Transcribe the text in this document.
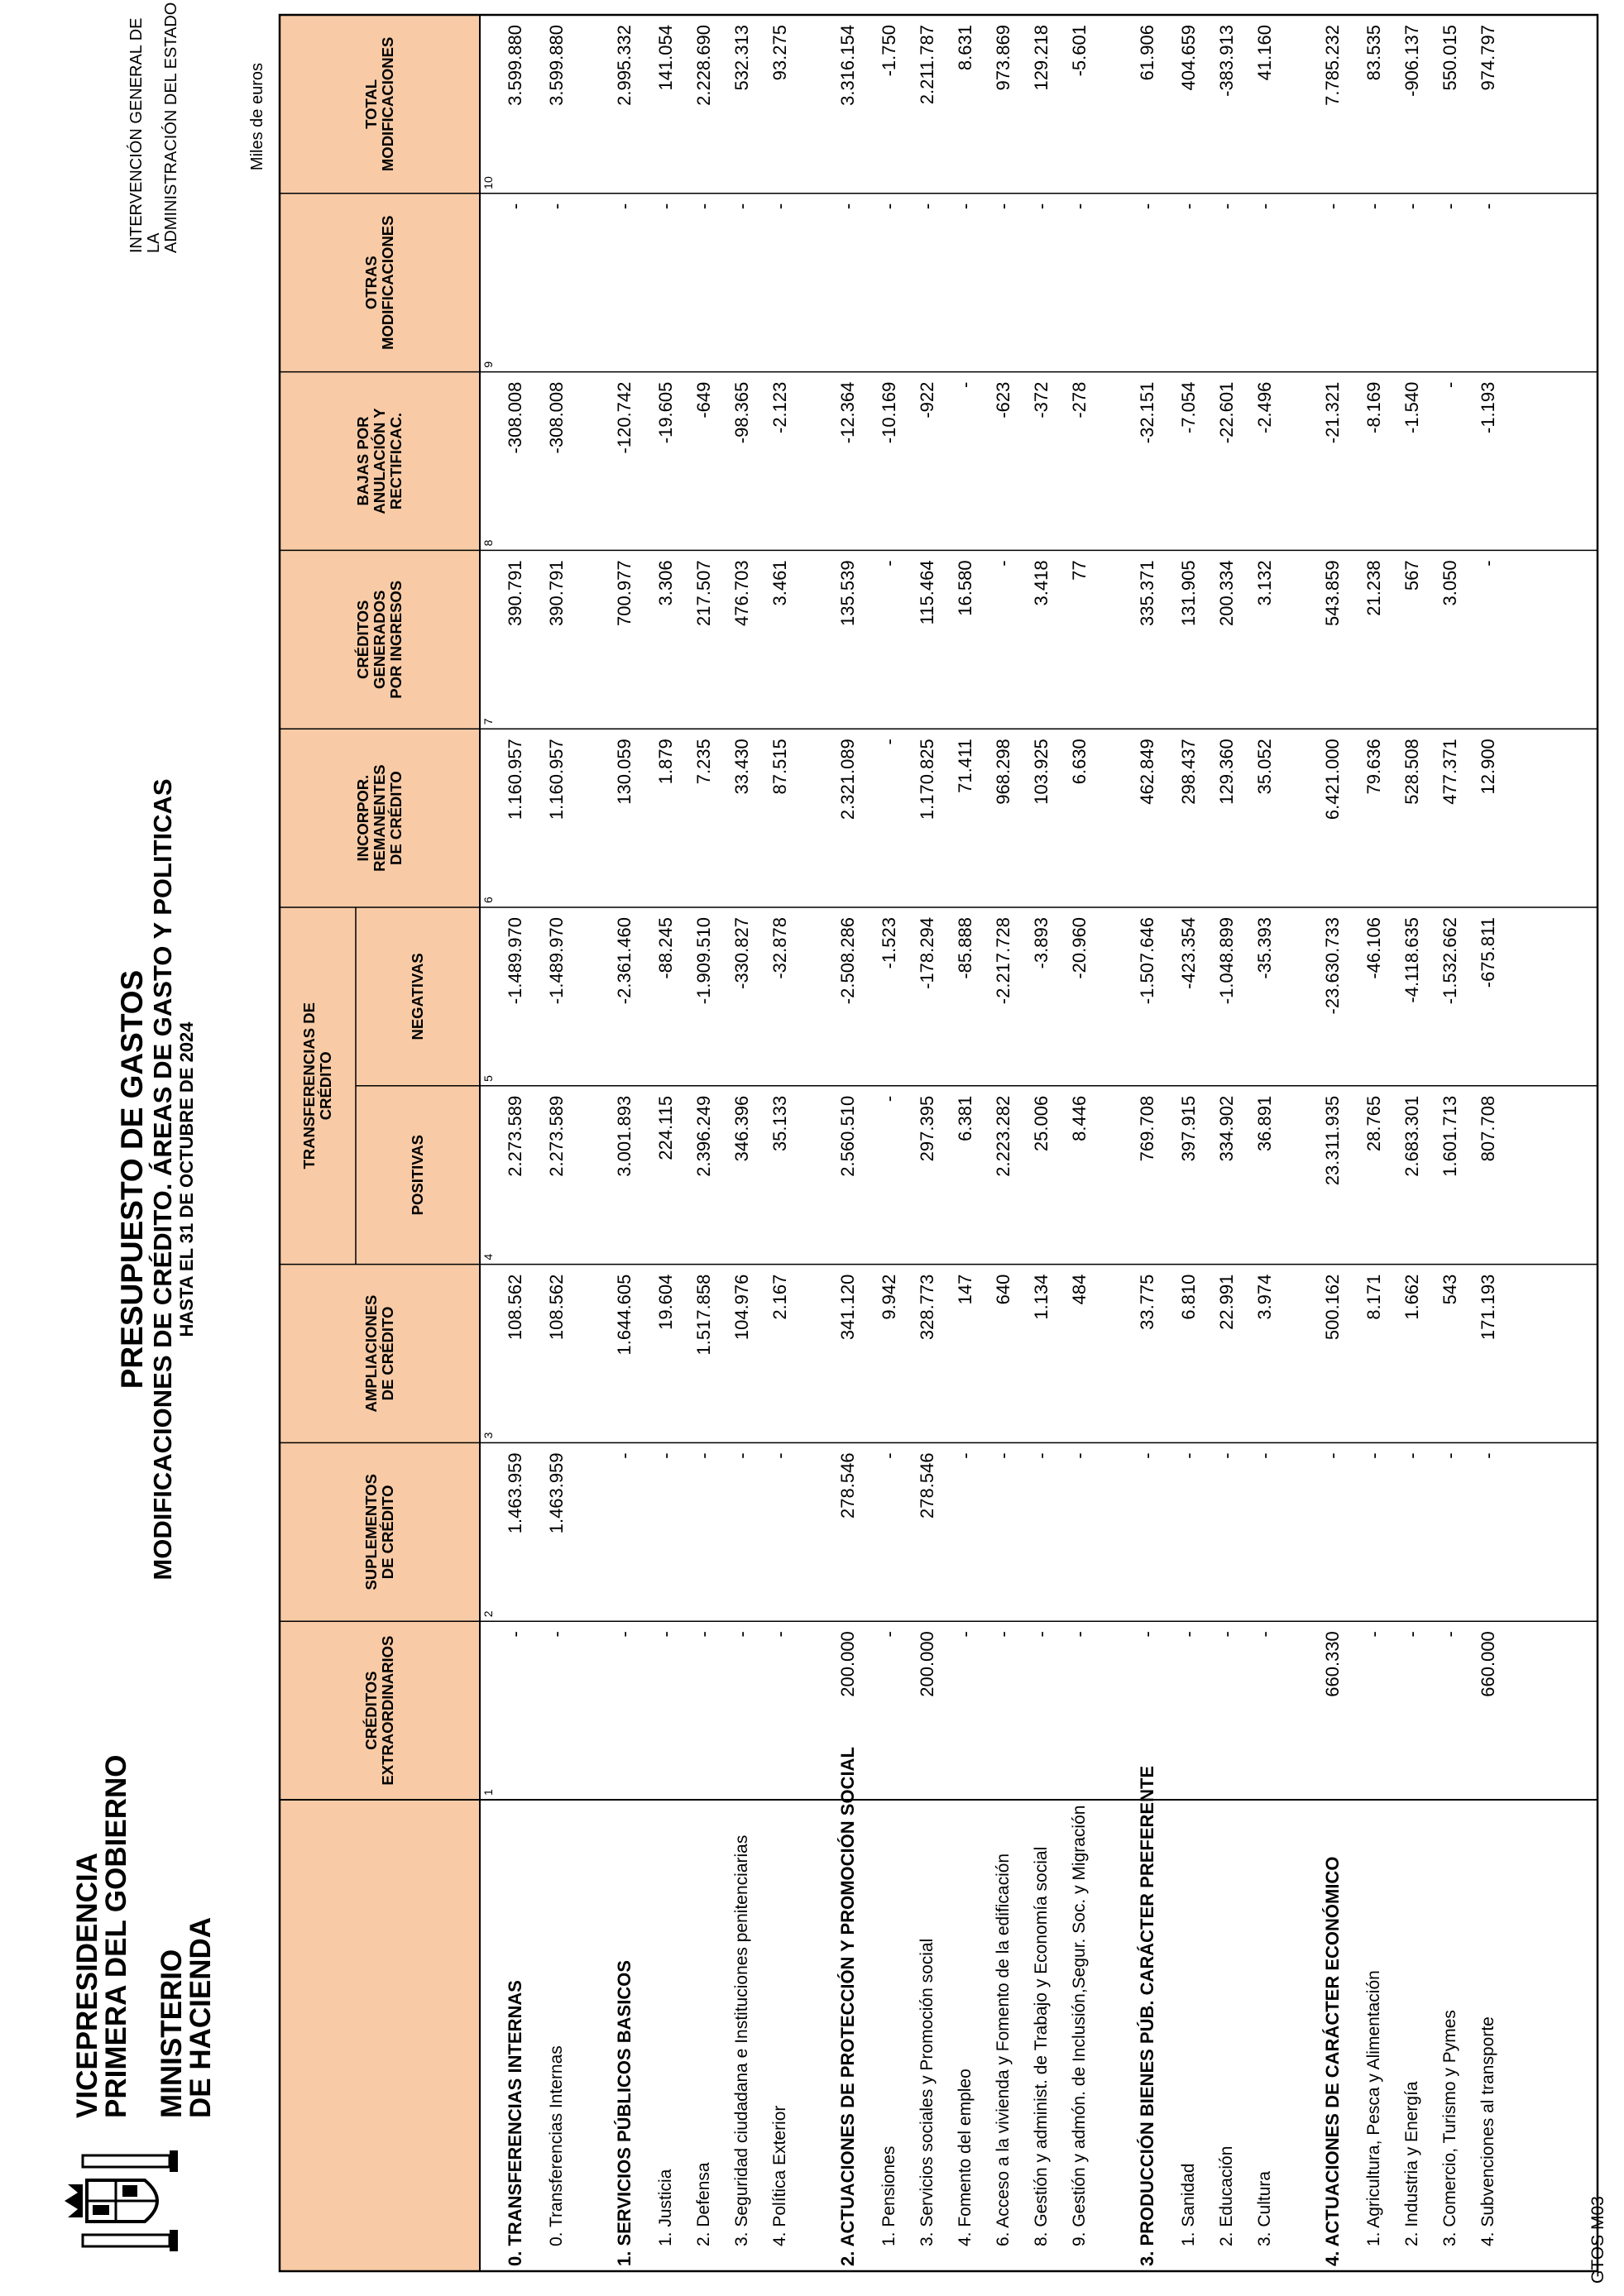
VICEPRESIDENCIA
PRIMERA DEL GOBIERNO MINISTERIO
DE HACIENDA
PRESUPUESTO DE GASTOS MODIFICACIONES DE CRÉDITO. ÁREAS DE GASTO Y POLITICAS HASTA EL 31 DE OCTUBRE DE 2024
INTERVENCIÓN GENERAL DE LA ADMINISTRACIÓN DEL ESTADO	Miles de euros
CRÉDITOS EXTRAORDINARIOS
SUPLEMENTOS DE CRÉDITO
AMPLIACIONES DE CRÉDITO
TRANSFERENCIAS DE CRÉDITO
POSITIVAS
NEGATIVAS
INCORPOR. REMANENTES DE CRÉDITO
CRÉDITOS GENERADOS POR INGRESOS
BAJAS POR ANULACIÓN Y RECTIFICAC.
0. TRANSFERENCIAS INTERNAS
-
1.463.959
108.562
2.273.589
-1.489.970
1.160.957
390.791
-308.008
-
3.599.880
0. Transferencias Internas
-
1.463.959
108.562
2.273.589
-1.489.970
1.160.957
390.791
-308.008
-
3.599.880
1. SERVICIOS PÚBLICOS BASICOS
-
-
1.644.605
3.001.893
-2.361.460
130.059
700.977
-120.742
-
2.995.332
1. Justicia
-
-
19.604
224.115
-88.245
1.879
3.306
-19.605
-
141.054
2. Defensa
-
-
1.517.858
2.396.249
-1.909.510
7.235
217.507
-649
-
2.228.690
3. Seguridad ciudadana e Instituciones penitenciarias
-
-
104.976
346.396
-330.827
33.430
476.703
-98.365
-
532.313
4. Política Exterior
-
-
2.167
35.133
-32.878
87.515
3.461
-2.123
-
93.275
2. ACTUACIONES DE PROTECCIÓN Y PROMOCIÓN SOCIAL
200.000
278.546
341.120
2.560.510
-2.508.286
2.321.089
135.539
-12.364
-
3.316.154
1. Pensiones
-
-
9.942
-
-1.523
-
-
-10.169
-
-1.750
3. Servicios sociales y Promoción social
200.000
278.546
328.773
297.395
-178.294
1.170.825
115.464
-922
-
2.211.787
4. Fomento del empleo
-
-
147
6.381
-85.888
71.411
16.580
-
-
8.631
6. Acceso a la vivienda y Fomento de la edificación
-
-
640
2.223.282
-2.217.728
968.298
-
-623
-
973.869
8. Gestión y administ. de Trabajo y Economía social
-
-
1.134
25.006
-3.893
103.925
3.418
-372
-
129.218
9. Gestión y admón. de Inclusión,Segur. Soc. y Migración
-
-
484
8.446
-20.960
6.630
77
-278
-
-5.601
3. PRODUCCIÓN BIENES PÚB. CARÁCTER PREFERENTE
-
-
33.775
769.708
-1.507.646
462.849
335.371
-32.151
-
61.906
1. Sanidad
-
-
6.810
397.915
-423.354
298.437
131.905
-7.054
-
404.659
2. Educación
-
-
22.991
334.902
-1.048.899
129.360
200.334
-22.601
-
-383.913
3. Cultura
-
-
3.974
36.891
-35.393
35.052
3.132
-2.496
-
41.160
4. ACTUACIONES DE CARÁCTER ECONÓMICO
660.330
-
500.162
23.311.935
-23.630.733
6.421.000
543.859
-21.321
-
7.785.232
1. Agricultura, Pesca y Alimentación
-
-
8.171
28.765
-46.106
79.636
21.238
-8.169
-
83.535
2. Industria y Energía
-
-
1.662
2.683.301
-4.118.635
528.508
567
-1.540
-
-906.137
3. Comercio, Turismo y Pymes
-
-
543
1.601.713
-1.532.662
477.371
3.050
-
-
550.015
4. Subvenciones al transporte
660.000
-
171.193
807.708
-675.811
12.900
-
-1.193
-
974.797
GTOS M03
OTRAS MODIFICACIONES
TOTAL MODIFICACIONES
1
2
3
4
5
6
7
8
9
10
